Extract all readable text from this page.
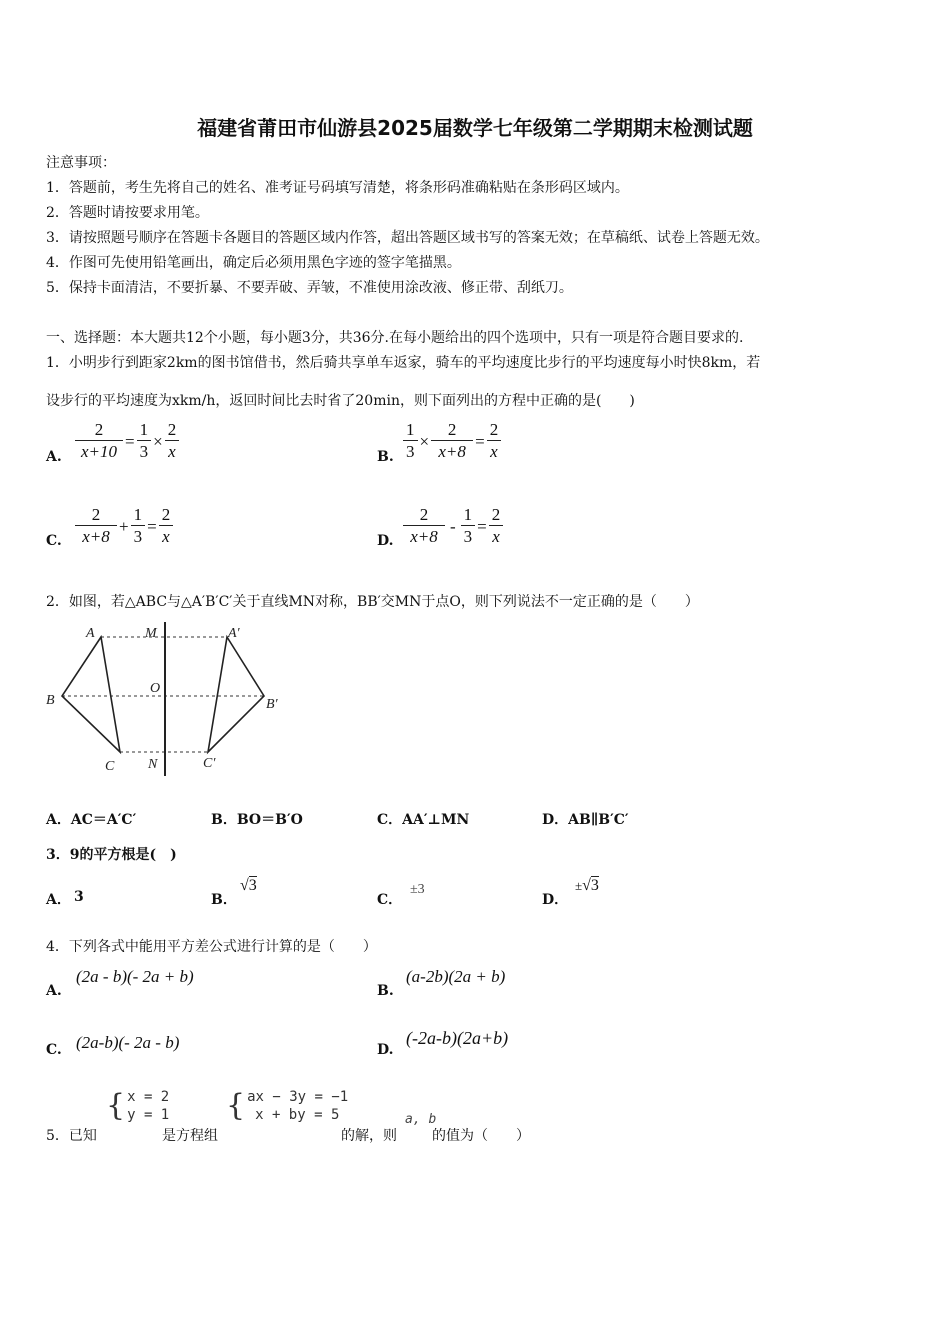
福建省莆田市仙游县2025届数学七年级第二学期期末检测试题
注意事项：
1．答题前，考生先将自己的姓名、准考证号码填写清楚，将条形码准确粘贴在条形码区域内。
2．答题时请按要求用笔。
3．请按照题号顺序在答题卡各题目的答题区域内作答，超出答题区域书写的答案无效；在草稿纸、试卷上答题无效。
4．作图可先使用铅笔画出，确定后必须用黑色字迹的签字笔描黑。
5．保持卡面清洁，不要折暴、不要弄破、弄皱，不准使用涂改液、修正带、刮纸刀。
一、选择题：本大题共12个小题，每小题3分，共36分.在每小题给出的四个选项中，只有一项是符合题目要求的.
1．小明步行到距家2km的图书馆借书，然后骑共享单车返家，骑车的平均速度比步行的平均速度每小时快8km，若
设步行的平均速度为xkm/h，返回时间比去时省了20min，则下面列出的方程中正确的是(　　)
A. $\frac{2}{x+10} = \frac{1}{3} \times \frac{2}{x}$	B. $\frac{1}{3} \times \frac{2}{x+8} = \frac{2}{x}$
C. $\frac{2}{x+8} + \frac{1}{3} = \frac{2}{x}$	D. $\frac{2}{x+8} - \frac{1}{3} = \frac{2}{x}$
2．如图，若△ABC与△A′B′C′关于直线MN对称，BB′交MN于点O，则下列说法不一定正确的是（　　）
A	M	A′
B
O
B′
C N	C′
A．AC＝A′C′	B．BO＝B′O	C．AA′⊥MN	D．AB∥B′C′
3．9的平方根是(　)
A． 3	B．
√3
C．
±3
D．
±√3
4．下列各式中能用平方差公式进行计算的是（　　）
A.
(2a - b)(- 2a + b)
B.
(a-2b)(2a + b)
C. (2a-b)(- 2a - b)	D.
(-2a-b)(2a+b)
5．已知
{ x = 2
y = 1
是方程组
{ ax − 3y = −1
x + by = 5
的解，则
a, b
的值为（　　）
